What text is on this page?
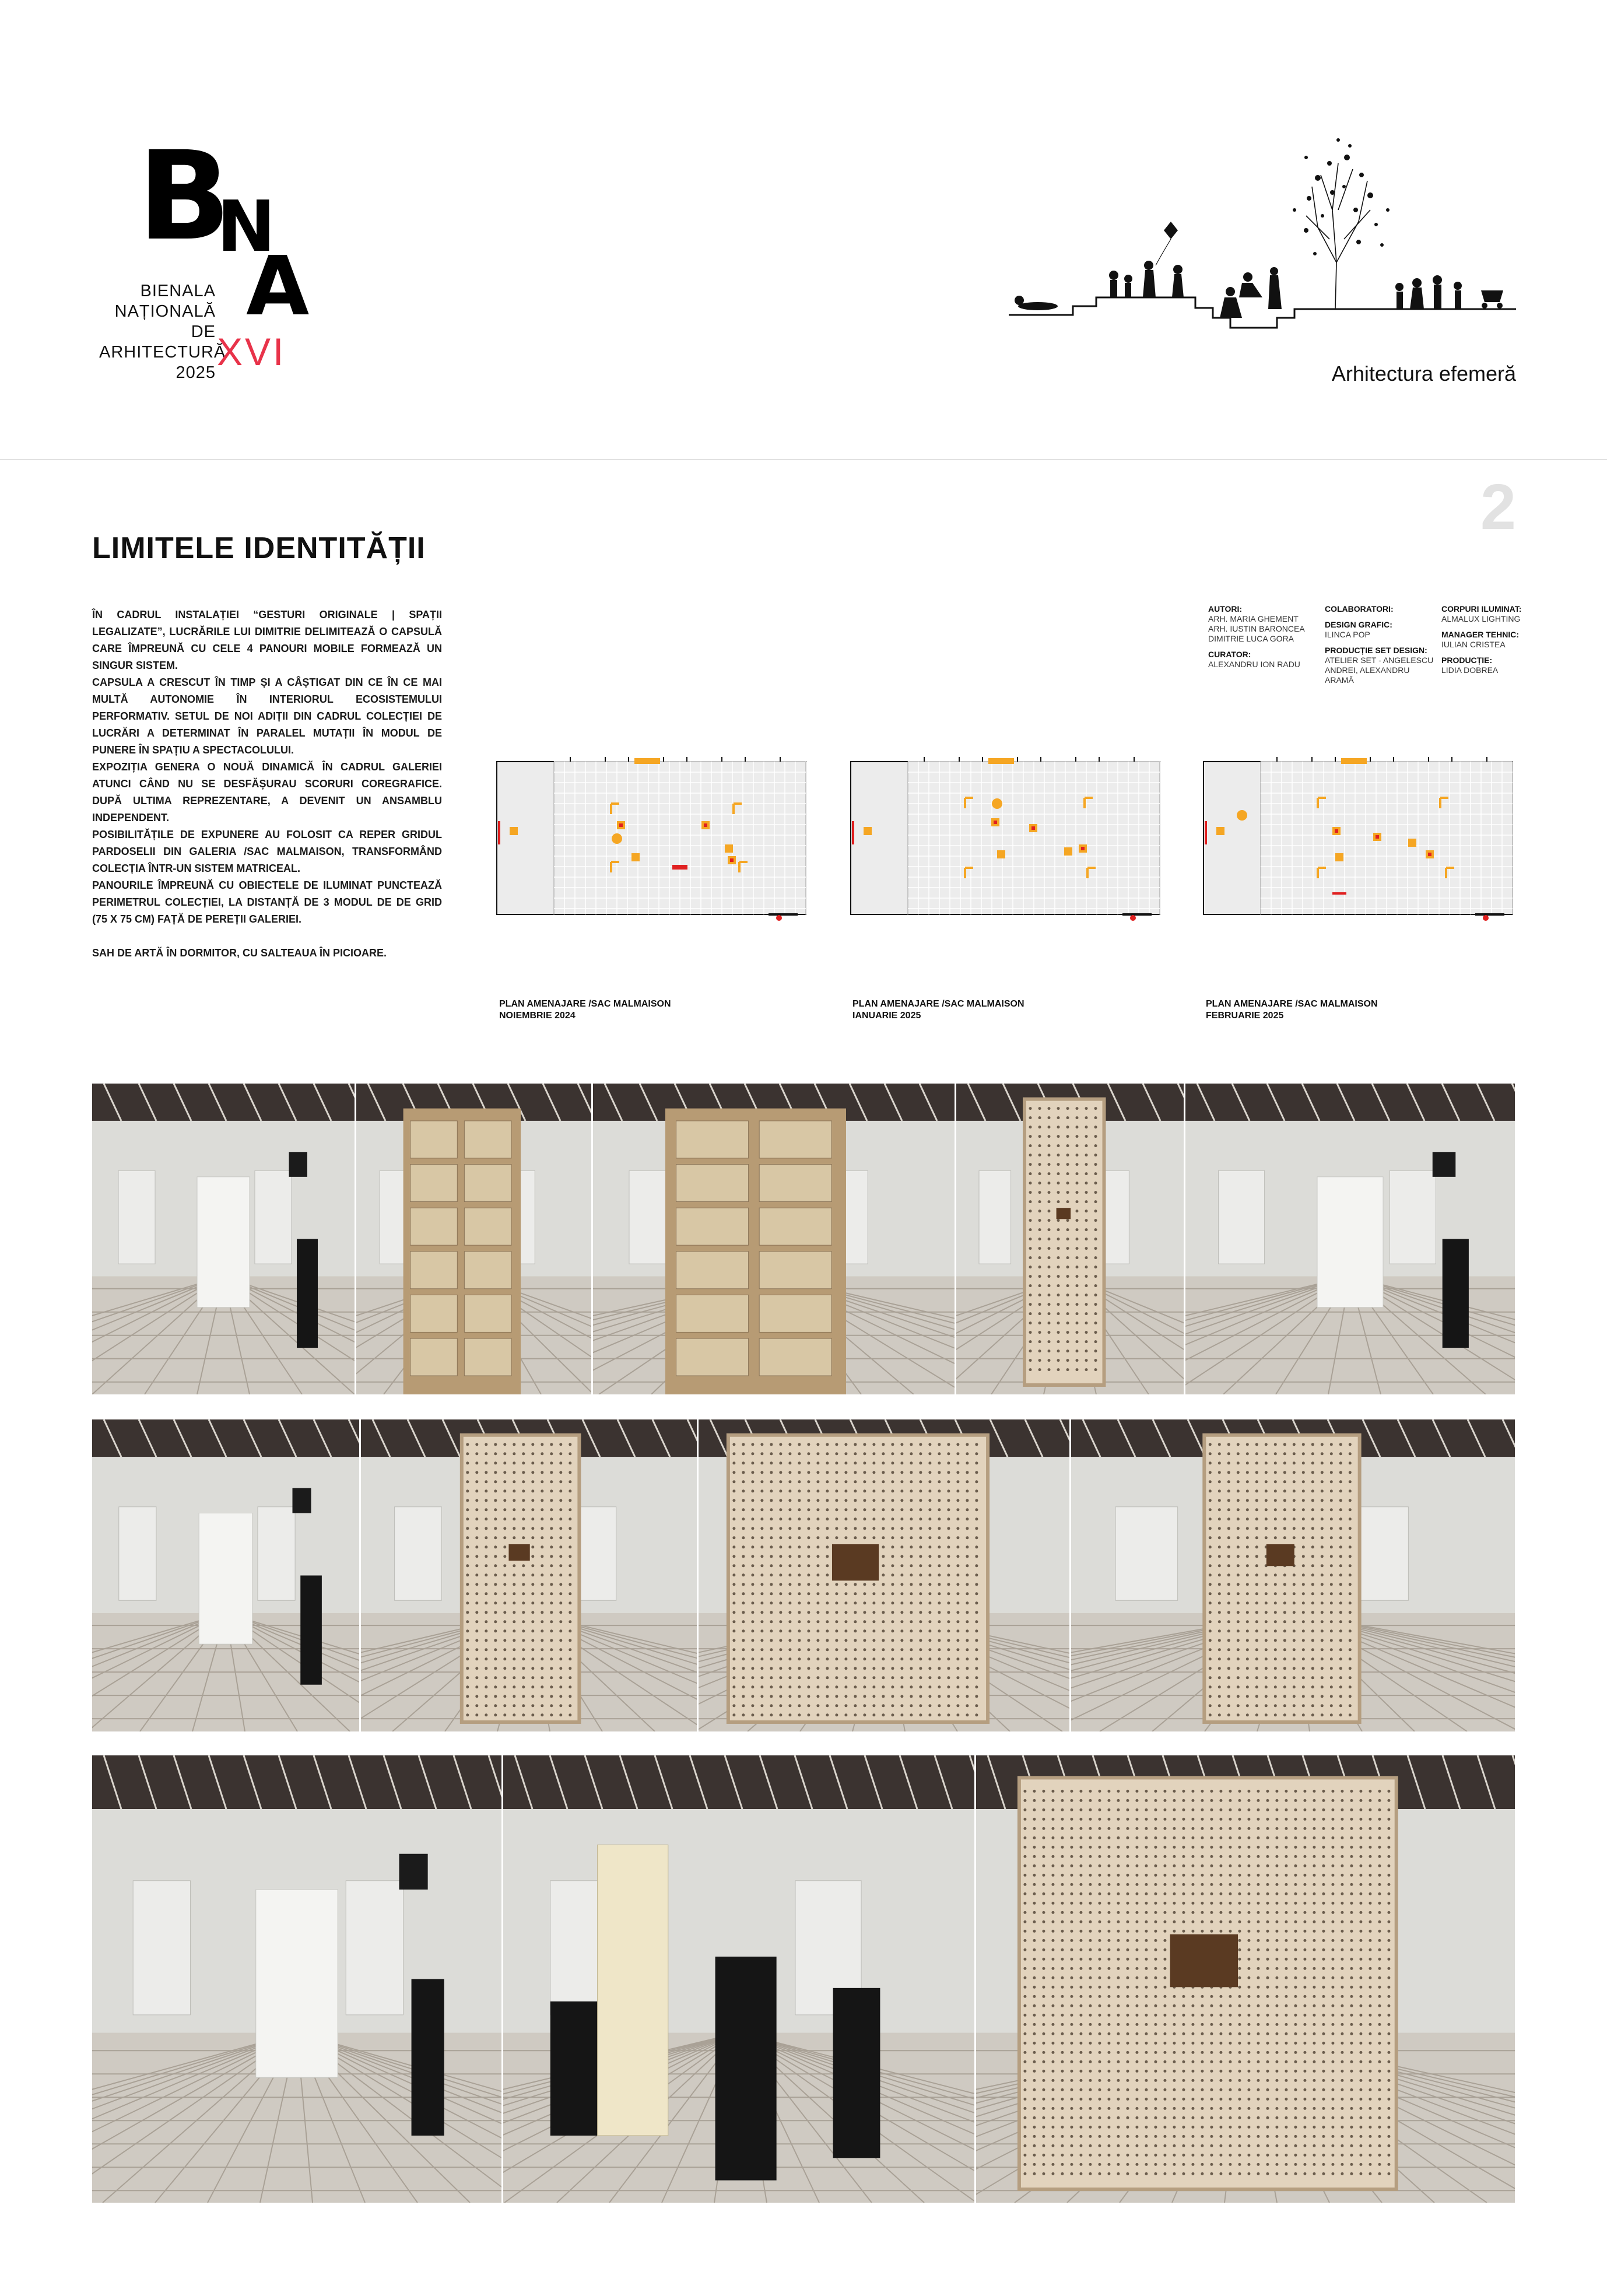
B
N
A
BIENALA
NAȚIONALĂ
DE
ARHITECTURĂ
2025 XVI
Arhitectura efemeră
2
LIMITELE IDENTITĂȚII

ÎN CADRUL INSTALAȚIEI “GESTURI ORIGINALE | SPAȚII LEGALIZATE”, LUCRĂRILE LUI DIMITRIE DELIMITEAZĂ O CAPSULĂ CARE ÎMPREUNĂ CU CELE 4 PANOURI MOBILE FORMEAZĂ UN SINGUR SISTEM.

CAPSULA A CRESCUT ÎN TIMP ȘI A CÂȘTIGAT DIN CE ÎN CE MAI MULTĂ AUTONOMIE ÎN INTERIORUL ECOSISTEMULUI PERFORMATIV. SETUL DE NOI ADIȚII DIN CADRUL COLECȚIEI DE LUCRĂRI A DETERMINAT ÎN PARALEL MUTAȚII ÎN MODUL DE PUNERE ÎN SPAȚIU A SPECTACOLULUI.

EXPOZIȚIA GENERA O NOUĂ DINAMICĂ ÎN CADRUL GALERIEI ATUNCI CÂND NU SE DESFĂȘURAU SCORURI COREGRAFICE. DUPĂ ULTIMA REPREZENTARE, A DEVENIT UN ANSAMBLU INDEPENDENT.

POSIBILITĂȚILE DE EXPUNERE AU FOLOSIT CA REPER GRIDUL PARDOSELII DIN GALERIA /SAC MALMAISON, TRANSFORMÂND COLECȚIA ÎNTR-UN SISTEM MATRICEAL.

PANOURILE ÎMPREUNĂ CU OBIECTELE DE ILUMINAT PUNCTEAZĂ PERIMETRUL COLECȚIEI, LA DISTANȚĂ DE 3 MODUL DE DE GRID (75 X 75 CM) FAȚĂ DE PEREȚII GALERIEI.

SAH DE ARTĂ ÎN DORMITOR, CU SALTEAUA ÎN PICIOARE.

AUTORI:
ARH. MARIA GHEMENT
ARH. IUSTIN BARONCEA
DIMITRIE LUCA GORA
CURATOR:
ALEXANDRU ION RADU
COLABORATORI:
DESIGN GRAFIC:
ILINCA POP
PRODUCȚIE SET DESIGN:
ATELIER SET - ANGELESCU
ANDREI, ALEXANDRU ARAMĂ
CORPURI ILUMINAT:
ALMALUX LIGHTING
MANAGER TEHNIC:
IULIAN CRISTEA
PRODUCȚIE:
LIDIA DOBREA
PLAN AMENAJARE /SAC MALMAISON
NOIEMBRIE 2024
PLAN AMENAJARE /SAC MALMAISON
IANUARIE 2025
PLAN AMENAJARE /SAC MALMAISON
FEBRUARIE 2025
